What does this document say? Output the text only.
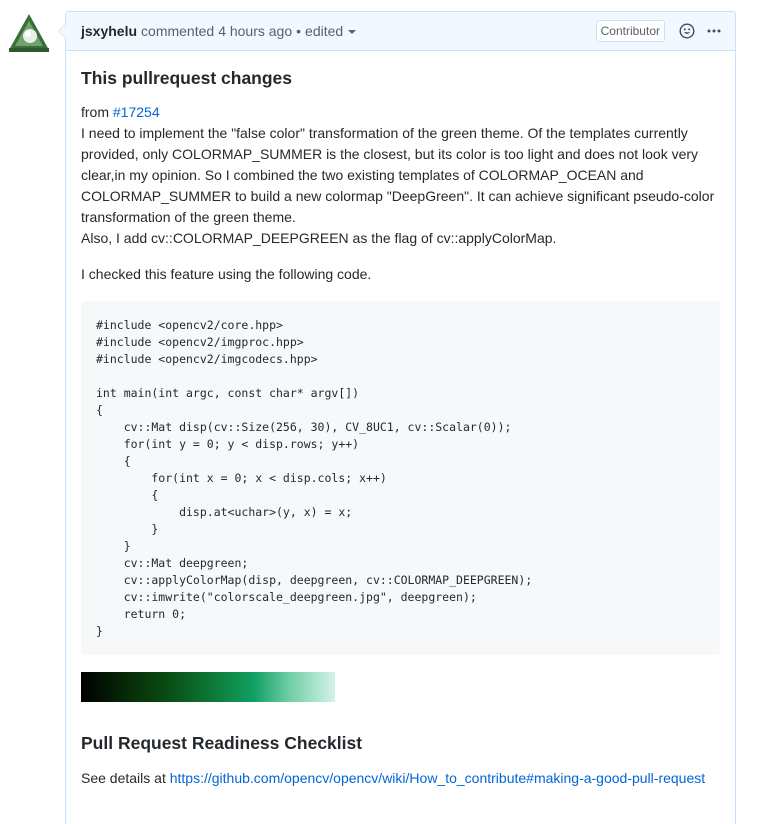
jsxyhelu commented 4 hours ago • edited	Contributor
This pullrequest changes

from #17254

I need to implement the "false color" transformation of the green theme. Of the templates currently provided, only COLORMAP_SUMMER is the closest, but its color is too light and does not look very clear,in my opinion. So I combined the two existing templates of COLORMAP_OCEAN and COLORMAP_SUMMER to build a new colormap "DeepGreen". It can achieve significant pseudo-color transformation of the green theme.

Also, I add cv::COLORMAP_DEEPGREEN as the flag of cv::applyColorMap.

I checked this feature using the following code.

#include <opencv2/core.hpp>
#include <opencv2/imgproc.hpp>
#include <opencv2/imgcodecs.hpp>

int main(int argc, const char* argv[])
{
cv::Mat disp(cv::Size(256, 30), CV_8UC1, cv::Scalar(0));
for(int y = 0; y < disp.rows; y++)
{
for(int x = 0; x < disp.cols; x++)
{
disp.at<uchar>(y, x) = x;
}
}
cv::Mat deepgreen;
cv::applyColorMap(disp, deepgreen, cv::COLORMAP_DEEPGREEN);
cv::imwrite("colorscale_deepgreen.jpg", deepgreen);
return 0;
}
Pull Request Readiness Checklist

See details at https://github.com/opencv/opencv/wiki/How_to_contribute#making-a-good-pull-request
